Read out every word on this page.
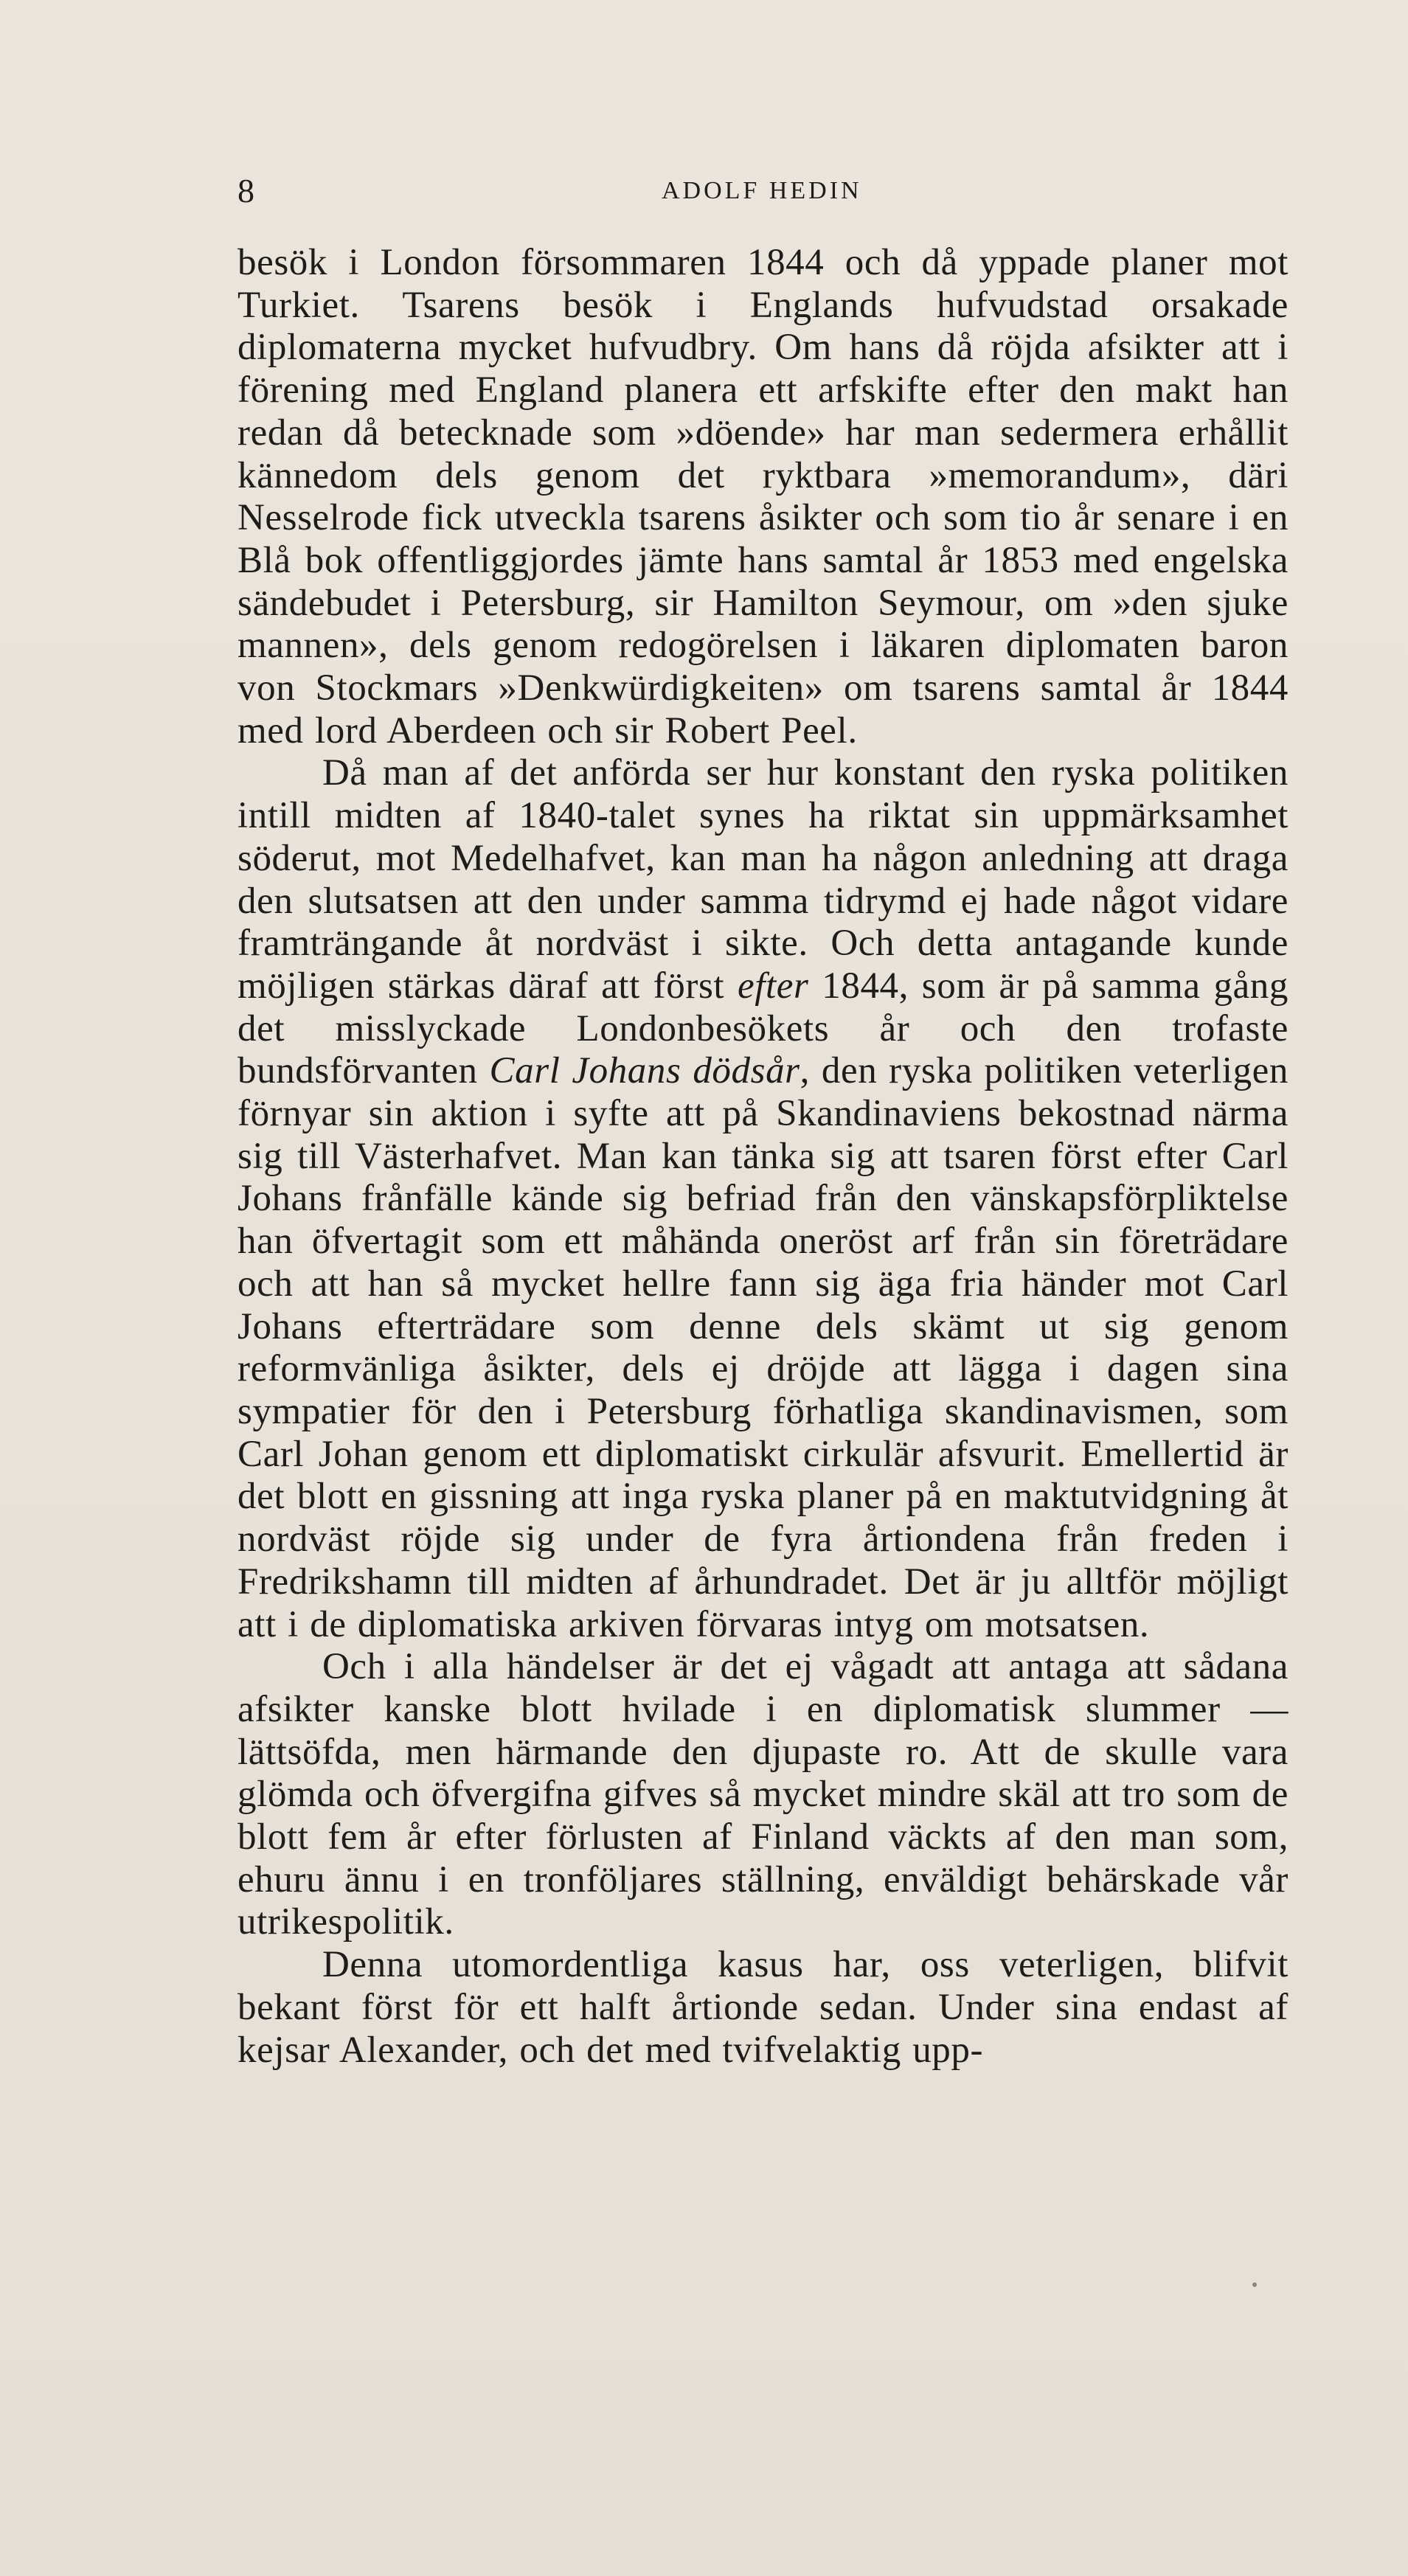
8	ADOLF HEDIN

besök i London försommaren 1844 och då yppade planer mot Turkiet. Tsarens besök i Englands hufvudstad orsakade diplomaterna mycket hufvudbry. Om hans då röjda afsikter att i förening med England planera ett arfskifte efter den makt han redan då betecknade som »döende» har man sedermera erhållit kännedom dels genom det ryktbara »memorandum», däri Nesselrode fick utveckla tsarens åsikter och som tio år senare i en Blå bok offentliggjordes jämte hans samtal år 1853 med engelska sändebudet i Petersburg, sir Hamilton Seymour, om »den sjuke mannen», dels genom redogörelsen i läkaren diplomaten baron von Stockmars »Denkwürdigkeiten» om tsarens samtal år 1844 med lord Aberdeen och sir Robert Peel.

Då man af det anförda ser hur konstant den ryska politiken intill midten af 1840-talet synes ha riktat sin uppmärksamhet söderut, mot Medelhafvet, kan man ha någon anledning att draga den slutsatsen att den under samma tidrymd ej hade något vidare framträngande åt nordväst i sikte. Och detta antagande kunde möjligen stärkas däraf att först efter 1844, som är på samma gång det misslyckade Londonbesökets år och den trofaste bundsförvanten Carl Johans dödsår, den ryska politiken veterligen förnyar sin aktion i syfte att på Skandinaviens bekostnad närma sig till Västerhafvet. Man kan tänka sig att tsaren först efter Carl Johans frånfälle kände sig befriad från den vänskapsförpliktelse han öfvertagit som ett måhända oneröst arf från sin företrädare och att han så mycket hellre fann sig äga fria händer mot Carl Johans efterträdare som denne dels skämt ut sig genom reformvänliga åsikter, dels ej dröjde att lägga i dagen sina sympatier för den i Petersburg förhatliga skandinavismen, som Carl Johan genom ett diplomatiskt cirkulär afsvurit. Emellertid är det blott en gissning att inga ryska planer på en maktutvidgning åt nordväst röjde sig under de fyra årtiondena från freden i Fredrikshamn till midten af århundradet. Det är ju alltför möjligt att i de diplomatiska arkiven förvaras intyg om motsatsen.

Och i alla händelser är det ej vågadt att antaga att sådana afsikter kanske blott hvilade i en diplomatisk slummer — lättsöfda, men härmande den djupaste ro. Att de skulle vara glömda och öfvergifna gifves så mycket mindre skäl att tro som de blott fem år efter förlusten af Finland väckts af den man som, ehuru ännu i en tronföljares ställning, enväldigt behärskade vår utrikespolitik.

Denna utomordentliga kasus har, oss veterligen, blifvit bekant först för ett halft årtionde sedan. Under sina endast af kejsar Alexander, och det med tvifvelaktig upp-
